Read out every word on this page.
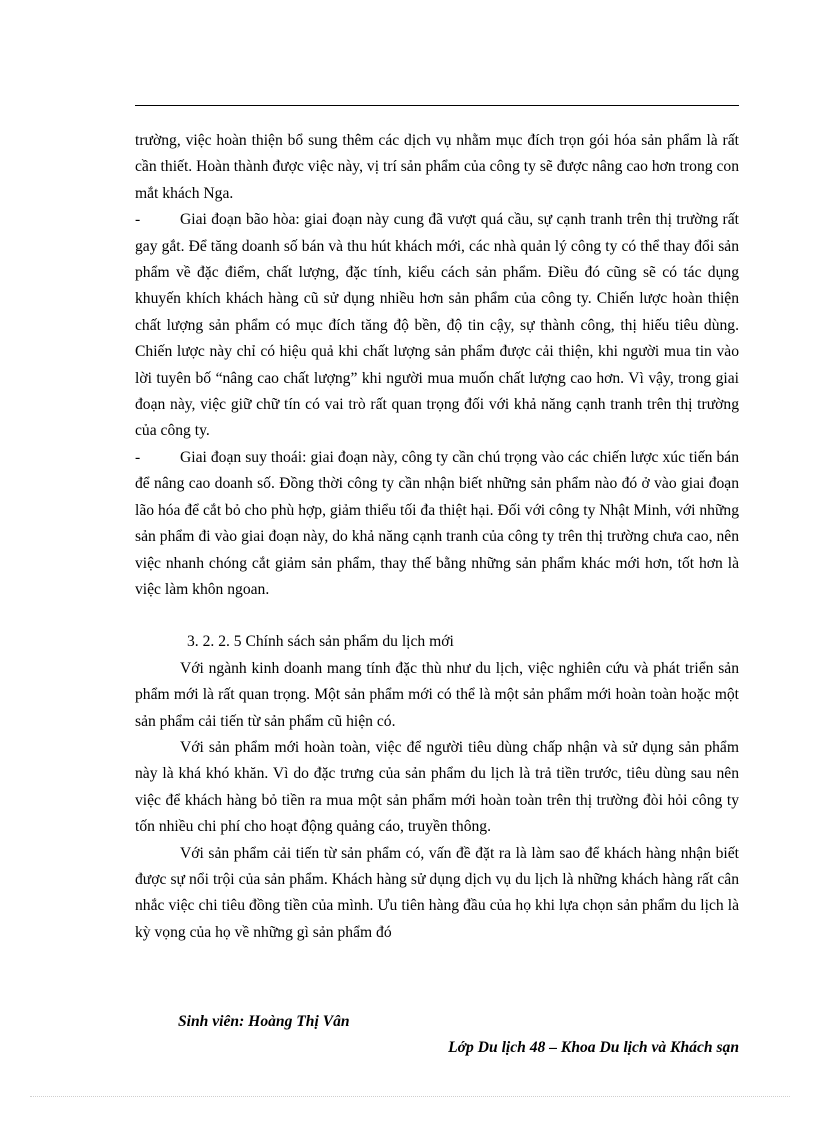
trường, việc hoàn thiện bổ sung thêm các dịch vụ nhằm mục đích trọn gói hóa sản phẩm là rất cần thiết. Hoàn thành được việc này, vị trí sản phẩm của công ty sẽ được nâng cao hơn trong con mắt khách Nga.

-	Giai đoạn bão hòa: giai đoạn này cung đã vượt quá cầu, sự cạnh tranh trên thị trường rất gay gắt. Để tăng doanh số bán và thu hút khách mới, các nhà quản lý công ty có thể thay đổi sản phẩm về đặc điểm, chất lượng, đặc tính, kiểu cách sản phẩm. Điều đó cũng sẽ có tác dụng khuyến khích khách hàng cũ sử dụng nhiều hơn sản phẩm của công ty. Chiến lược hoàn thiện chất lượng sản phẩm có mục đích tăng độ bền, độ tin cậy, sự thành công, thị hiếu tiêu dùng. Chiến lược này chỉ có hiệu quả khi chất lượng sản phẩm được cải thiện, khi người mua tin vào lời tuyên bố “nâng cao chất lượng” khi người mua muốn chất lượng cao hơn. Vì vậy, trong giai đoạn này, việc giữ chữ tín có vai trò rất quan trọng đối với khả năng cạnh tranh trên thị trường của công ty.

-	Giai đoạn suy thoái: giai đoạn này, công ty cần chú trọng vào các chiến lược xúc tiến bán để nâng cao doanh số. Đồng thời công ty cần nhận biết những sản phẩm nào đó ở vào giai đoạn lão hóa để cắt bỏ cho phù hợp, giảm thiểu tối đa thiệt hại. Đối với công ty Nhật Minh, với những sản phẩm đi vào giai đoạn này, do khả năng cạnh tranh của công ty trên thị trường chưa cao, nên việc nhanh chóng cắt giảm sản phẩm, thay thế bằng những sản phẩm khác mới hơn, tốt hơn là việc làm khôn ngoan.

3. 2. 2. 5 Chính sách sản phẩm du lịch mới

Với ngành kinh doanh mang tính đặc thù như du lịch, việc nghiên cứu và phát triển sản phẩm mới là rất quan trọng. Một sản phẩm mới có thể là một sản phẩm mới hoàn toàn hoặc một sản phẩm cải tiến từ sản phẩm cũ hiện có.

Với sản phẩm mới hoàn toàn, việc để người tiêu dùng chấp nhận và sử dụng sản phẩm này là khá khó khăn. Vì do đặc trưng của sản phẩm du lịch là trả tiền trước, tiêu dùng sau nên việc để khách hàng bỏ tiền ra mua một sản phẩm mới hoàn toàn trên thị trường đòi hỏi công ty tốn nhiều chi phí cho hoạt động quảng cáo, truyền thông.

Với sản phẩm cải tiến từ sản phẩm có, vấn đề đặt ra là làm sao để khách hàng nhận biết được sự nổi trội của sản phẩm. Khách hàng sử dụng dịch vụ du lịch là những khách hàng rất cân nhắc việc chi tiêu đồng tiền của mình. Ưu tiên hàng đầu của họ khi lựa chọn sản phẩm du lịch là kỳ vọng của họ về những gì sản phẩm đó

Sinh viên: Hoàng Thị Vân
Lớp Du lịch 48 – Khoa Du lịch và Khách sạn
